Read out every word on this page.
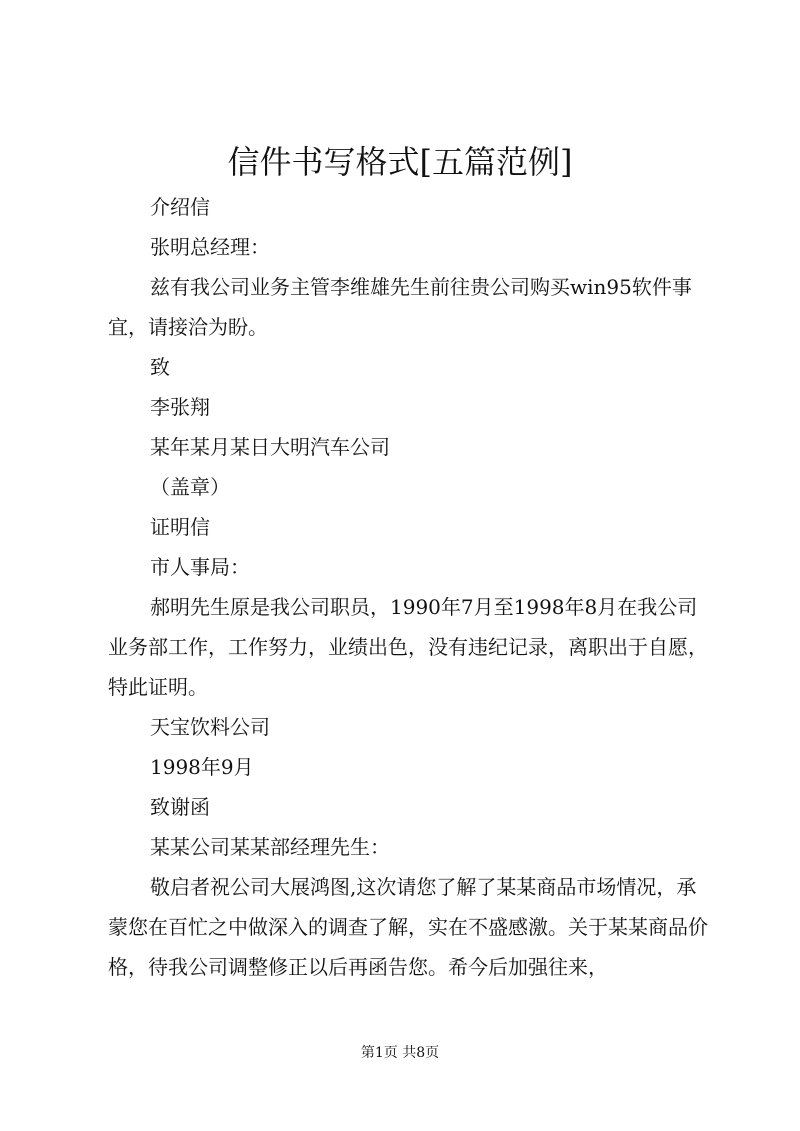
信件书写格式[五篇范例]

介绍信

张明总经理：

兹有我公司业务主管李维雄先生前往贵公司购买win95软件事宜，请接洽为盼。

致

李张翔

某年某月某日大明汽车公司

（盖章）

证明信

市人事局：

郝明先生原是我公司职员，1990年7月至1998年8月在我公司业务部工作，工作努力，业绩出色，没有违纪记录，离职出于自愿，特此证明。

天宝饮料公司

1998年9月

致谢函

某某公司某某部经理先生：

敬启者祝公司大展鸿图,这次请您了解了某某商品市场情况，承蒙您在百忙之中做深入的调查了解，实在不盛感激。关于某某商品价格，待我公司调整修正以后再函告您。希今后加强往来，

第1页 共8页
